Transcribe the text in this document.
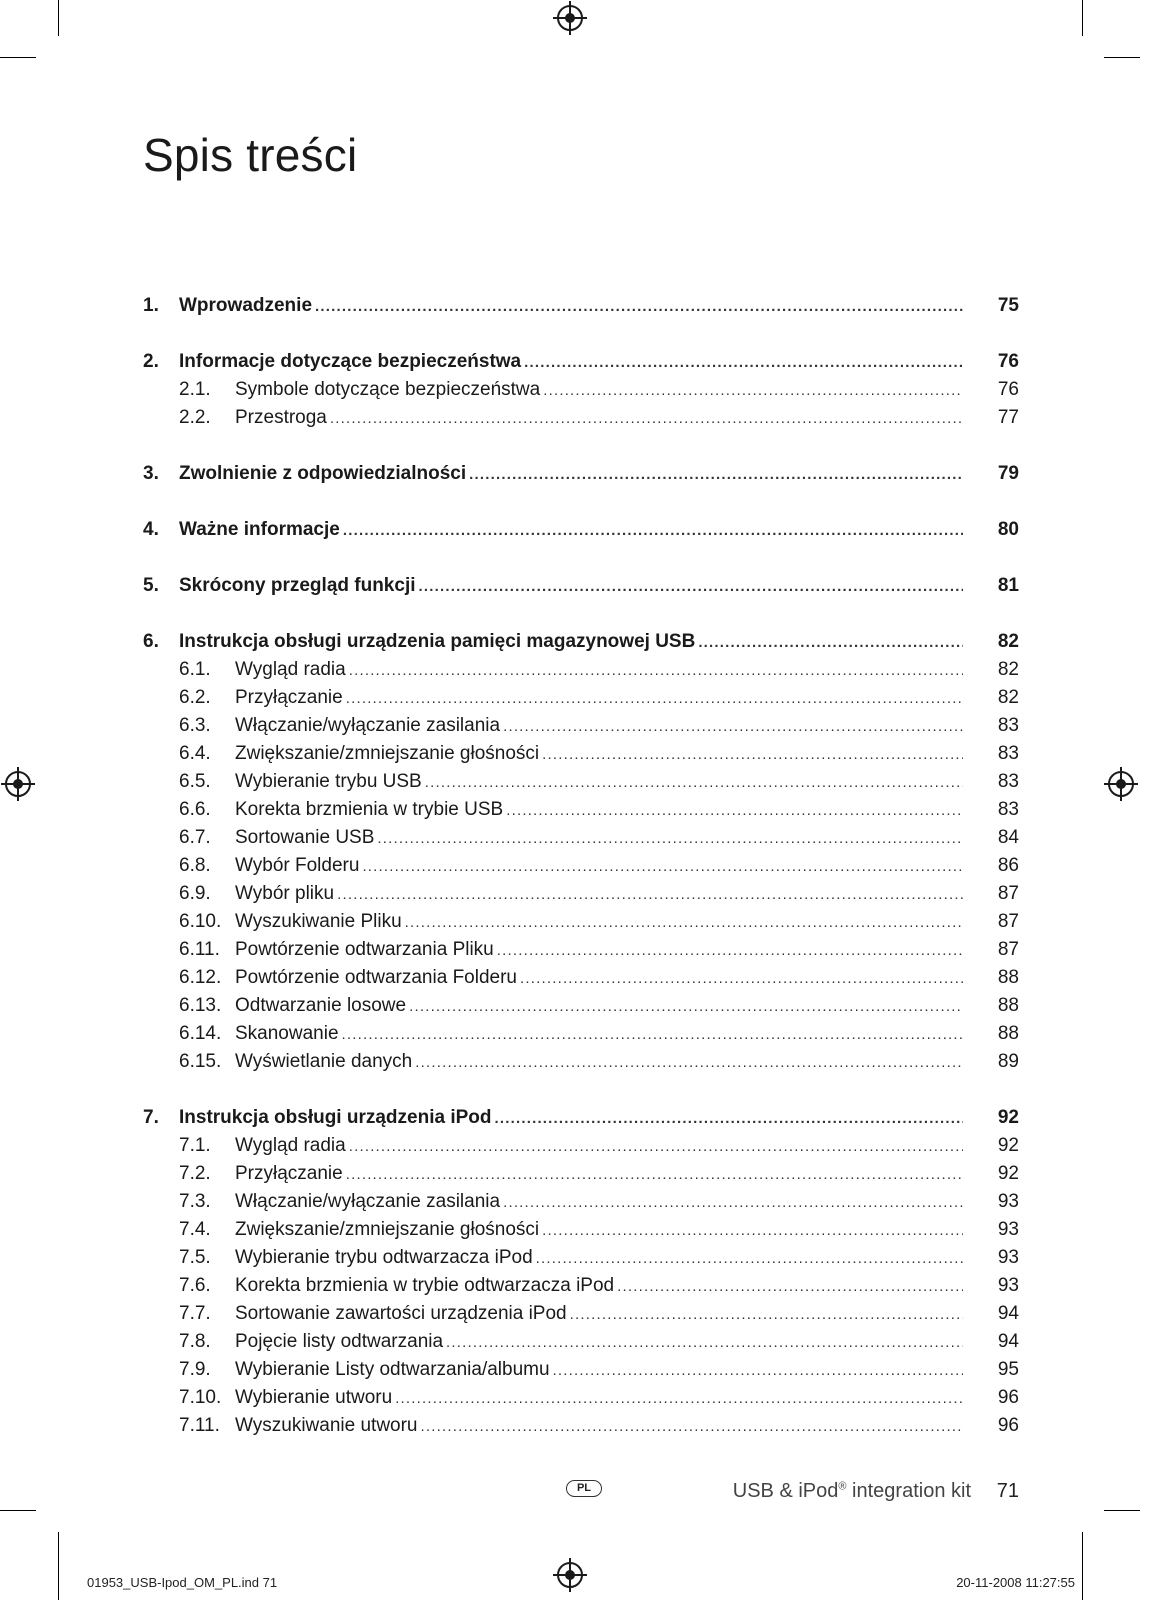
Spis treści
1.	Wprowadzenie .....	75
2.	Informacje dotyczące bezpieczeństwa .....	76
2.1.	Symbole dotyczące bezpieczeństwa .....	76
2.2.	Przestroga .....	77
3.	Zwolnienie z odpowiedzialności .....	79
4.	Ważne informacje .....	80
5.	Skrócony przegląd funkcji .....	81
6.	Instrukcja obsługi urządzenia pamięci magazynowej USB .....	82
6.1.	Wygląd radia .....	82
6.2.	Przyłączanie .....	82
6.3.	Włączanie/wyłączanie zasilania .....	83
6.4.	Zwiększanie/zmniejszanie głośności .....	83
6.5.	Wybieranie trybu USB .....	83
6.6.	Korekta brzmienia w trybie USB .....	83
6.7.	Sortowanie USB .....	84
6.8.	Wybór Folderu .....	86
6.9.	Wybór pliku .....	87
6.10. Wyszukiwanie Pliku .....	87
6.11. Powtórzenie odtwarzania Pliku .....	87
6.12. Powtórzenie odtwarzania Folderu .....	88
6.13. Odtwarzanie losowe .....	88
6.14. Skanowanie .....	88
6.15. Wyświetlanie danych .....	89
7.	Instrukcja obsługi urządzenia iPod .....	92
7.1.	Wygląd radia .....	92
7.2.	Przyłączanie .....	92
7.3.	Włączanie/wyłączanie zasilania .....	93
7.4.	Zwiększanie/zmniejszanie głośności .....	93
7.5.	Wybieranie trybu odtwarzacza iPod .....	93
7.6.	Korekta brzmienia w trybie odtwarzacza iPod .....	93
7.7.	Sortowanie zawartości urządzenia iPod .....	94
7.8.	Pojęcie listy odtwarzania .....	94
7.9.	Wybieranie Listy odtwarzania/albumu .....	95
7.10. Wybieranie utworu .....	96
7.11. Wyszukiwanie utworu .....	96
PL	USB & iPod® integration kit	71
01953_USB-Ipod_OM_PL.ind 71	20-11-2008 11:27:55
